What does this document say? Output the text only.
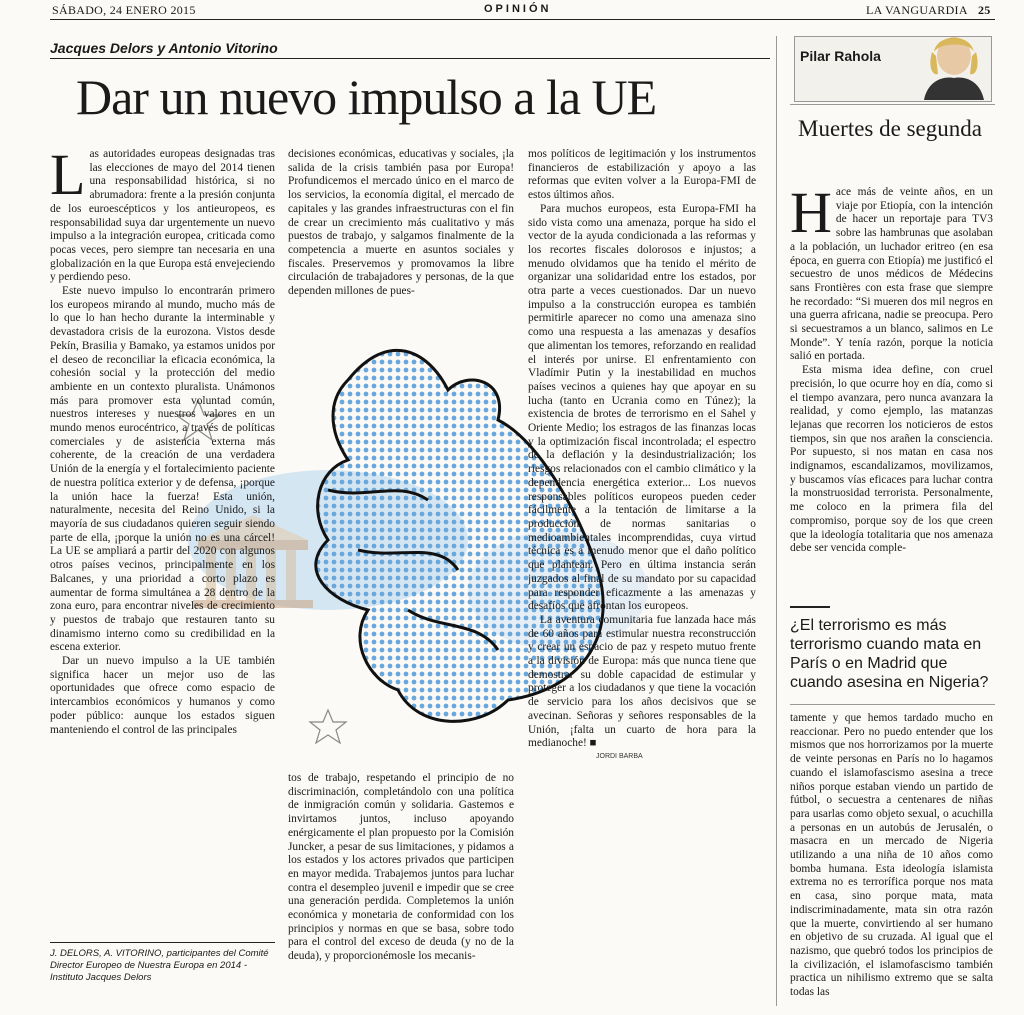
SÁBADO, 24 ENERO 2015	OPINIÓN	LA VANGUARDIA 25
Jacques Delors y Antonio Vitorino
Dar un nuevo impulso a la UE
JORDI BARBA
L as autoridades europeas designadas tras las elecciones de mayo del 2014 tienen una responsabilidad histórica, si no abrumadora: frente a la presión conjunta de los euroescépticos y los antieuropeos, es responsabilidad suya dar urgentemente un nuevo impulso a la integración europea, criticada como pocas veces, pero siempre tan necesaria en una globalización en la que Europa está envejeciendo y perdiendo peso.

Este nuevo impulso lo encontrarán primero los europeos mirando al mundo, mucho más de lo que lo han hecho durante la interminable y devastadora crisis de la eurozona. Vistos desde Pekín, Brasilia y Bamako, ya estamos unidos por el deseo de reconciliar la eficacia económica, la cohesión social y la protección del medio ambiente en un contexto pluralista. Unámonos más para promover esta voluntad común, nuestros intereses y nuestros valores en un mundo menos eurocéntrico, a través de políticas comerciales y de asistencia externa más coherente, de la creación de una verdadera Unión de la energía y el fortalecimiento paciente de nuestra política exterior y de defensa, ¡porque la unión hace la fuerza! Esta unión, naturalmente, necesita del Reino Unido, si la mayoría de sus ciudadanos quieren seguir siendo parte de ella, ¡porque la unión no es una cárcel! La UE se ampliará a partir del 2020 con algunos otros países vecinos, principalmente en los Balcanes, y una prioridad a corto plazo es aumentar de forma simultánea a 28 dentro de la zona euro, para encontrar niveles de crecimiento y puestos de trabajo que restauren tanto su dinamismo interno como su credibilidad en la escena exterior.

Dar un nuevo impulso a la UE también significa hacer un mejor uso de las oportunidades que ofrece como espacio de intercambios económicos y humanos y como poder público: aunque los estados siguen manteniendo el control de las principales

decisiones económicas, educativas y sociales, ¡la salida de la crisis también pasa por Europa! Profundicemos el mercado único en el marco de los servicios, la economía digital, el mercado de capitales y las grandes infraestructuras con el fin de crear un crecimiento más cualitativo y más puestos de trabajo, y salgamos finalmente de la competencia a muerte en asuntos sociales y fiscales. Preservemos y promovamos la libre circulación de trabajadores y personas, de la que dependen millones de pues-

tos de trabajo, respetando el principio de no discriminación, completándolo con una política de inmigración común y solidaria. Gastemos e invirtamos juntos, incluso apoyando enérgicamente el plan propuesto por la Comisión Juncker, a pesar de sus limitaciones, y pidamos a los estados y los actores privados que participen en mayor medida. Trabajemos juntos para luchar contra el desempleo juvenil e impedir que se cree una generación perdida. Completemos la unión económica y monetaria de conformidad con los principios y normas en que se basa, sobre todo para el control del exceso de deuda (y no de la deuda), y proporcionémosle los mecanis-

mos políticos de legitimación y los instrumentos financieros de estabilización y apoyo a las reformas que eviten volver a la Europa-FMI de estos últimos años.

Para muchos europeos, esta Europa-FMI ha sido vista como una amenaza, porque ha sido el vector de la ayuda condicionada a las reformas y los recortes fiscales dolorosos e injustos; a menudo olvidamos que ha tenido el mérito de organizar una solidaridad entre los estados, por otra parte a veces cuestionados. Dar un nuevo impulso a la construcción europea es también permitirle aparecer no como una amenaza sino como una respuesta a las amenazas y desafíos que alimentan los temores, reforzando en realidad el interés por unirse. El enfrentamiento con Vladímir Putin y la inestabilidad en muchos países vecinos a quienes hay que apoyar en su lucha (tanto en Ucrania como en Túnez); la existencia de brotes de terrorismo en el Sahel y Oriente Medio; los estragos de las finanzas locas y la optimización fiscal incontrolada; el espectro de la deflación y la desindustrialización; los riesgos relacionados con el cambio climático y la dependencia energética exterior... Los nuevos responsables políticos europeos pueden ceder fácilmente a la tentación de limitarse a la producción de normas sanitarias o medioambientales incomprendidas, cuya virtud técnica es a menudo menor que el daño político que plantean. Pero en última instancia serán juzgados al final de su mandato por su capacidad para responder eficazmente a las amenazas y desafíos que afrontan los europeos.

La aventura comunitaria fue lanzada hace más de 60 años para estimular nuestra reconstrucción y crear un espacio de paz y respeto mutuo frente a la división de Europa: más que nunca tiene que demostrar su doble capacidad de estimular y proteger a los ciudadanos y que tiene la vocación de servicio para los años decisivos que se avecinan. Señoras y señores responsables de la Unión, ¡falta un cuarto de hora para la medianoche! ■

J. DELORS, A. VITORINO, participantes del Comité Director Europeo de Nuestra Europa en 2014 - Instituto Jacques Delors
Pilar Rahola
Muertes de segunda
H ace más de veinte años, en un viaje por Etiopía, con la intención de hacer un reportaje para TV3 sobre las hambrunas que asolaban a la población, un luchador eritreo (en esa época, en guerra con Etiopía) me justificó el secuestro de unos médicos de Médecins sans Frontières con esta frase que siempre he recordado: “Si mueren dos mil negros en una guerra africana, nadie se preocupa. Pero si secuestramos a un blanco, salimos en Le Monde”. Y tenía razón, porque la noticia salió en portada.

Esta misma idea define, con cruel precisión, lo que ocurre hoy en día, como si el tiempo avanzara, pero nunca avanzara la realidad, y como ejemplo, las matanzas lejanas que recorren los noticieros de estos tiempos, sin que nos arañen la consciencia. Por supuesto, si nos matan en casa nos indignamos, escandalizamos, movilizamos, y buscamos vías eficaces para luchar contra la monstruosidad terrorista. Personalmente, me coloco en la primera fila del compromiso, porque soy de los que creen que la ideología totalitaria que nos amenaza debe ser vencida comple-

¿El terrorismo es más terrorismo cuando mata en París o en Madrid que cuando asesina en Nigeria?

tamente y que hemos tardado mucho en reaccionar. Pero no puedo entender que los mismos que nos horrorizamos por la muerte de veinte personas en París no lo hagamos cuando el islamofascismo asesina a trece niños porque estaban viendo un partido de fútbol, o secuestra a centenares de niñas para usarlas como objeto sexual, o acuchilla a personas en un autobús de Jerusalén, o masacra en un mercado de Nigeria utilizando a una niña de 10 años como bomba humana. Esta ideología islamista extrema no es terrorífica porque nos mata en casa, sino porque mata, mata indiscriminadamente, mata sin otra razón que la muerte, convirtiendo al ser humano en objetivo de su cruzada. Al igual que el nazismo, que quebró todos los principios de la civilización, el islamofascismo también practica un nihilismo extremo que se salta todas las
